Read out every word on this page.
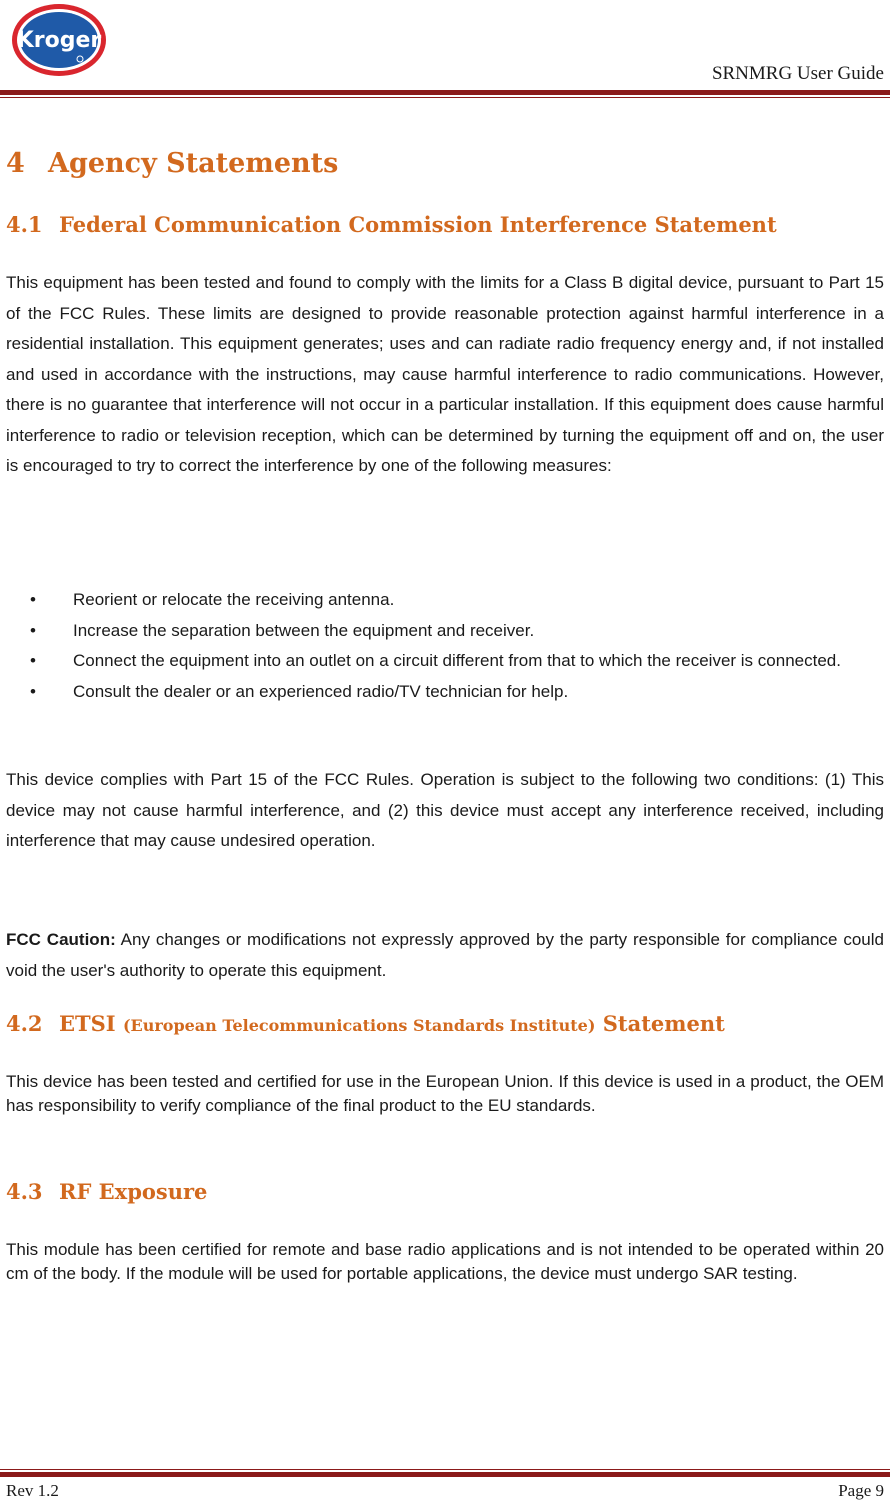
Kroger
SRNMRG User Guide
4 Agency Statements
4.1 Federal Communication Commission Interference Statement

This equipment has been tested and found to comply with the limits for a Class B digital device, pursuant to Part 15 of the FCC Rules. These limits are designed to provide reasonable protection against harmful interference in a residential installation. This equipment generates; uses and can radiate radio frequency energy and, if not installed and used in accordance with the instructions, may cause harmful interference to radio communications. However, there is no guarantee that interference will not occur in a particular installation. If this equipment does cause harmful interference to radio or television reception, which can be determined by turning the equipment off and on, the user is encouraged to try to correct the interference by one of the following measures:

• Reorient or relocate the receiving antenna.
• Increase the separation between the equipment and receiver.
• Connect the equipment into an outlet on a circuit different from that to which the receiver is connected.
• Consult the dealer or an experienced radio/TV technician for help.

This device complies with Part 15 of the FCC Rules. Operation is subject to the following two conditions: (1) This device may not cause harmful interference, and (2) this device must accept any interference received, including interference that may cause undesired operation.

FCC Caution: Any changes or modifications not expressly approved by the party responsible for compliance could void the user's authority to operate this equipment.

4.2 ETSI (European Telecommunications Standards Institute) Statement

This device has been tested and certified for use in the European Union. If this device is used in a product, the OEM has responsibility to verify compliance of the final product to the EU standards.

4.3 RF Exposure

This module has been certified for remote and base radio applications and is not intended to be operated within 20 cm of the body. If the module will be used for portable applications, the device must undergo SAR testing.

Rev 1.2	Page 9
